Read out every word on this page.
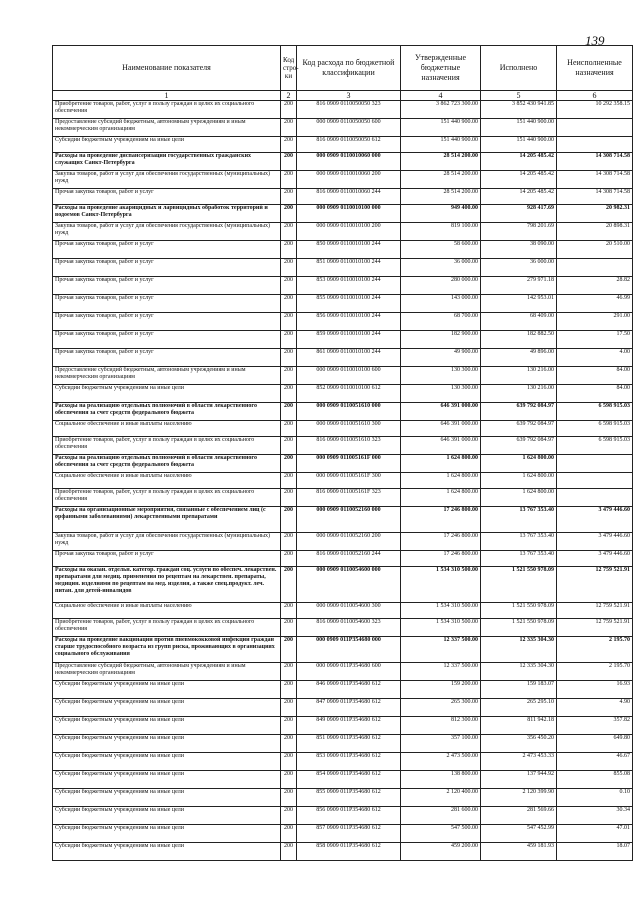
139
Наименование показателя	Код стро-ки	Код расхода по бюджетной классификации	Утвержденные бюджетные назначения	Исполнено	Неисполненные назначения
1	2	3	4	5	6
Приобретение товаров, работ, услуг в пользу граждан в целях их социального обеспечения	200	816 0909 0110050050 323	3 862 723 300.00	3 852 430 941.85	10 292 358.15
Предоставление субсидий бюджетным, автономным учреждениям и иным некоммерческим организациям	200	000 0909 0110050050 600	151 440 900.00	151 440 900.00	
Субсидии бюджетным учреждениям на иные цели	200	816 0909 0110050050 612	151 440 900.00	151 440 900.00	
Расходы на проведение диспансеризации государственных гражданских служащих Санкт-Петербурга	200	000 0909 0110010060 000	28 514 200.00	14 205 485.42	14 308 714.58
Закупка товаров, работ и услуг для обеспечения государственных (муниципальных) нужд	200	000 0909 0110010060 200	28 514 200.00	14 205 485.42	14 308 714.58
Прочая закупка товаров, работ и услуг	200	816 0909 0110010060 244	28 514 200.00	14 205 485.42	14 308 714.58
Расходы на проведение акарицидных и ларвицидных обработок территорий и водоемов Санкт-Петербурга	200	000 0909 0110010100 000	949 400.00	928 417.69	20 982.31
Закупка товаров, работ и услуг для обеспечения государственных (муниципальных) нужд	200	000 0909 0110010100 200	819 100.00	798 201.69	20 898.31
Прочая закупка товаров, работ и услуг	200	850 0909 0110010100 244	58 600.00	38 090.00	20 510.00
Прочая закупка товаров, работ и услуг	200	851 0909 0110010100 244	36 000.00	36 000.00	
Прочая закупка товаров, работ и услуг	200	853 0909 0110010100 244	280 000.00	279 971.18	28.82
Прочая закупка товаров, работ и услуг	200	855 0909 0110010100 244	143 000.00	142 953.01	46.99
Прочая закупка товаров, работ и услуг	200	856 0909 0110010100 244	68 700.00	68 409.00	291.00
Прочая закупка товаров, работ и услуг	200	859 0909 0110010100 244	182 900.00	182 882.50	17.50
Прочая закупка товаров, работ и услуг	200	861 0909 0110010100 244	49 900.00	49 896.00	4.00
Предоставление субсидий бюджетным, автономным учреждениям и иным некоммерческим организациям	200	000 0909 0110010100 600	130 300.00	130 216.00	84.00
Субсидии бюджетным учреждениям на иные цели	200	852 0909 0110010100 612	130 300.00	130 216.00	84.00
Расходы на реализацию отдельных полномочий в области лекарственного обеспечения за счет средств федерального бюджета	200	000 0909 0110051610 000	646 391 000.00	639 792 084.97	6 598 915.03
Социальное обеспечение и иные выплаты населению	200	000 0909 0110051610 300	646 391 000.00	639 792 084.97	6 598 915.03
Приобретение товаров, работ, услуг в пользу граждан в целях их социального обеспечения	200	816 0909 0110051610 323	646 391 000.00	639 792 084.97	6 598 915.03
Расходы на реализацию отдельных полномочий в области лекарственного обеспечения за счет средств федерального бюджета	200	000 0909 011005161F 000	1 624 800.00	1 624 800.00	
Социальное обеспечение и иные выплаты населению	200	000 0909 011005161F 300	1 624 800.00	1 624 800.00	
Приобретение товаров, работ, услуг в пользу граждан в целях их социального обеспечения	200	816 0909 011005161F 323	1 624 800.00	1 624 800.00	
Расходы на организационные мероприятия, связанные с обеспечением лиц (с орфанными заболеваниями) лекарственными препаратами	200	000 0909 0110052160 000	17 246 800.00	13 767 353.40	3 479 446.60
Закупка товаров, работ и услуг для обеспечения государственных (муниципальных) нужд	200	000 0909 0110052160 200	17 246 800.00	13 767 353.40	3 479 446.60
Прочая закупка товаров, работ и услуг	200	816 0909 0110052160 244	17 246 800.00	13 767 353.40	3 479 446.60
Расходы на оказан. отдельн. категор. граждан соц. услуги по обеспеч. лекарствен. препаратами для медиц. применения по рецептам на лекарствен. препараты, медицин. изделиями по рецептам на мед. изделия, а также спец.продукт. леч. питан. для детей-инвалидов	200	000 0909 0110054600 000	1 534 310 500.00	1 521 550 978.09	12 759 521.91
Социальное обеспечение и иные выплаты населению	200	000 0909 0110054600 300	1 534 310 500.00	1 521 550 978.09	12 759 521.91
Приобретение товаров, работ, услуг в пользу граждан в целях их социального обеспечения	200	816 0909 0110054600 323	1 534 310 500.00	1 521 550 978.09	12 759 521.91
Расходы на проведение вакцинации против пневмококковой инфекции граждан старше трудоспособного возраста из групп риска, проживающих в организациях социального обслуживания	200	000 0909 011P354680 000	12 337 500.00	12 335 304.30	2 195.70
Предоставление субсидий бюджетным, автономным учреждениям и иным некоммерческим организациям	200	000 0909 011P354680 600	12 337 500.00	12 335 304.30	2 195.70
Субсидии бюджетным учреждениям на иные цели	200	846 0909 011P354680 612	159 200.00	159 183.07	16.93
Субсидии бюджетным учреждениям на иные цели	200	847 0909 011P354680 612	265 300.00	265 295.10	4.90
Субсидии бюджетным учреждениям на иные цели	200	849 0909 011P354680 612	812 300.00	811 942.18	357.82
Субсидии бюджетным учреждениям на иные цели	200	851 0909 011P354680 612	357 100.00	356 450.20	649.80
Субсидии бюджетным учреждениям на иные цели	200	853 0909 011P354680 612	2 473 500.00	2 473 453.33	46.67
Субсидии бюджетным учреждениям на иные цели	200	854 0909 011P354680 612	138 800.00	137 944.92	855.08
Субсидии бюджетным учреждениям на иные цели	200	855 0909 011P354680 612	2 120 400.00	2 120 399.90	0.10
Субсидии бюджетным учреждениям на иные цели	200	856 0909 011P354680 612	281 600.00	281 569.66	30.34
Субсидии бюджетным учреждениям на иные цели	200	857 0909 011P354680 612	547 500.00	547 452.99	47.01
Субсидии бюджетным учреждениям на иные цели	200	858 0909 011P354680 612	459 200.00	459 181.93	18.07
